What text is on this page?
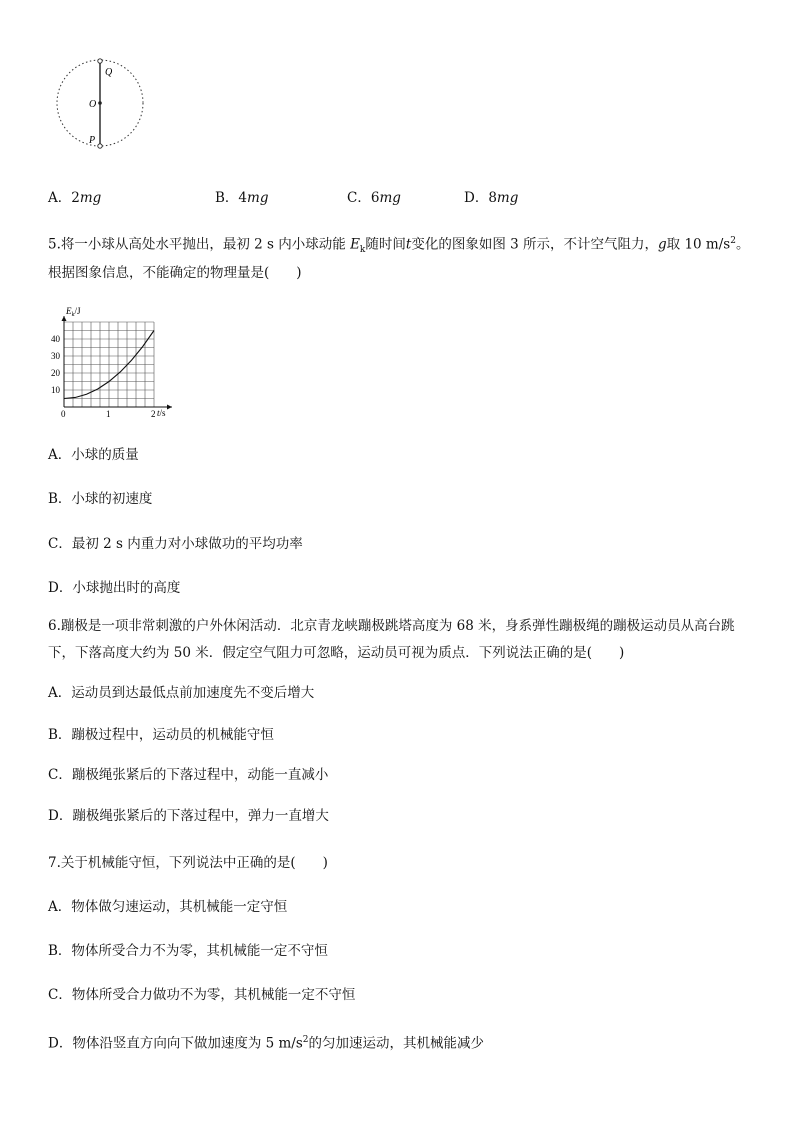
Q
O
P
A．2mg	B．4mg	C．6mg	D．8mg
5.将一小球从高处水平抛出，最初 2 s 内小球动能 $E_k$随时间t变化的图象如图 3 所示，不计空气阻力，g取 10 $m/s^2$。
根据图象信息，不能确定的物理量是(　　)
0	1	2
10
20
30
40
$E_k/J$
t/s
A．小球的质量
B．小球的初速度
C．最初 2 s 内重力对小球做功的平均功率
D．小球抛出时的高度
6.蹦极是一项非常刺激的户外休闲活动．北京青龙峡蹦极跳塔高度为 68 米，身系弹性蹦极绳的蹦极运动员从高台跳
下，下落高度大约为 50 米．假定空气阻力可忽略，运动员可视为质点．下列说法正确的是(　　)
A．运动员到达最低点前加速度先不变后增大
B．蹦极过程中，运动员的机械能守恒
C．蹦极绳张紧后的下落过程中，动能一直减小
D．蹦极绳张紧后的下落过程中，弹力一直增大
7.关于机械能守恒，下列说法中正确的是(　　)
A．物体做匀速运动，其机械能一定守恒
B．物体所受合力不为零，其机械能一定不守恒
C．物体所受合力做功不为零，其机械能一定不守恒
D．物体沿竖直方向向下做加速度为 5 $m/s^2$的匀加速运动，其机械能减少
